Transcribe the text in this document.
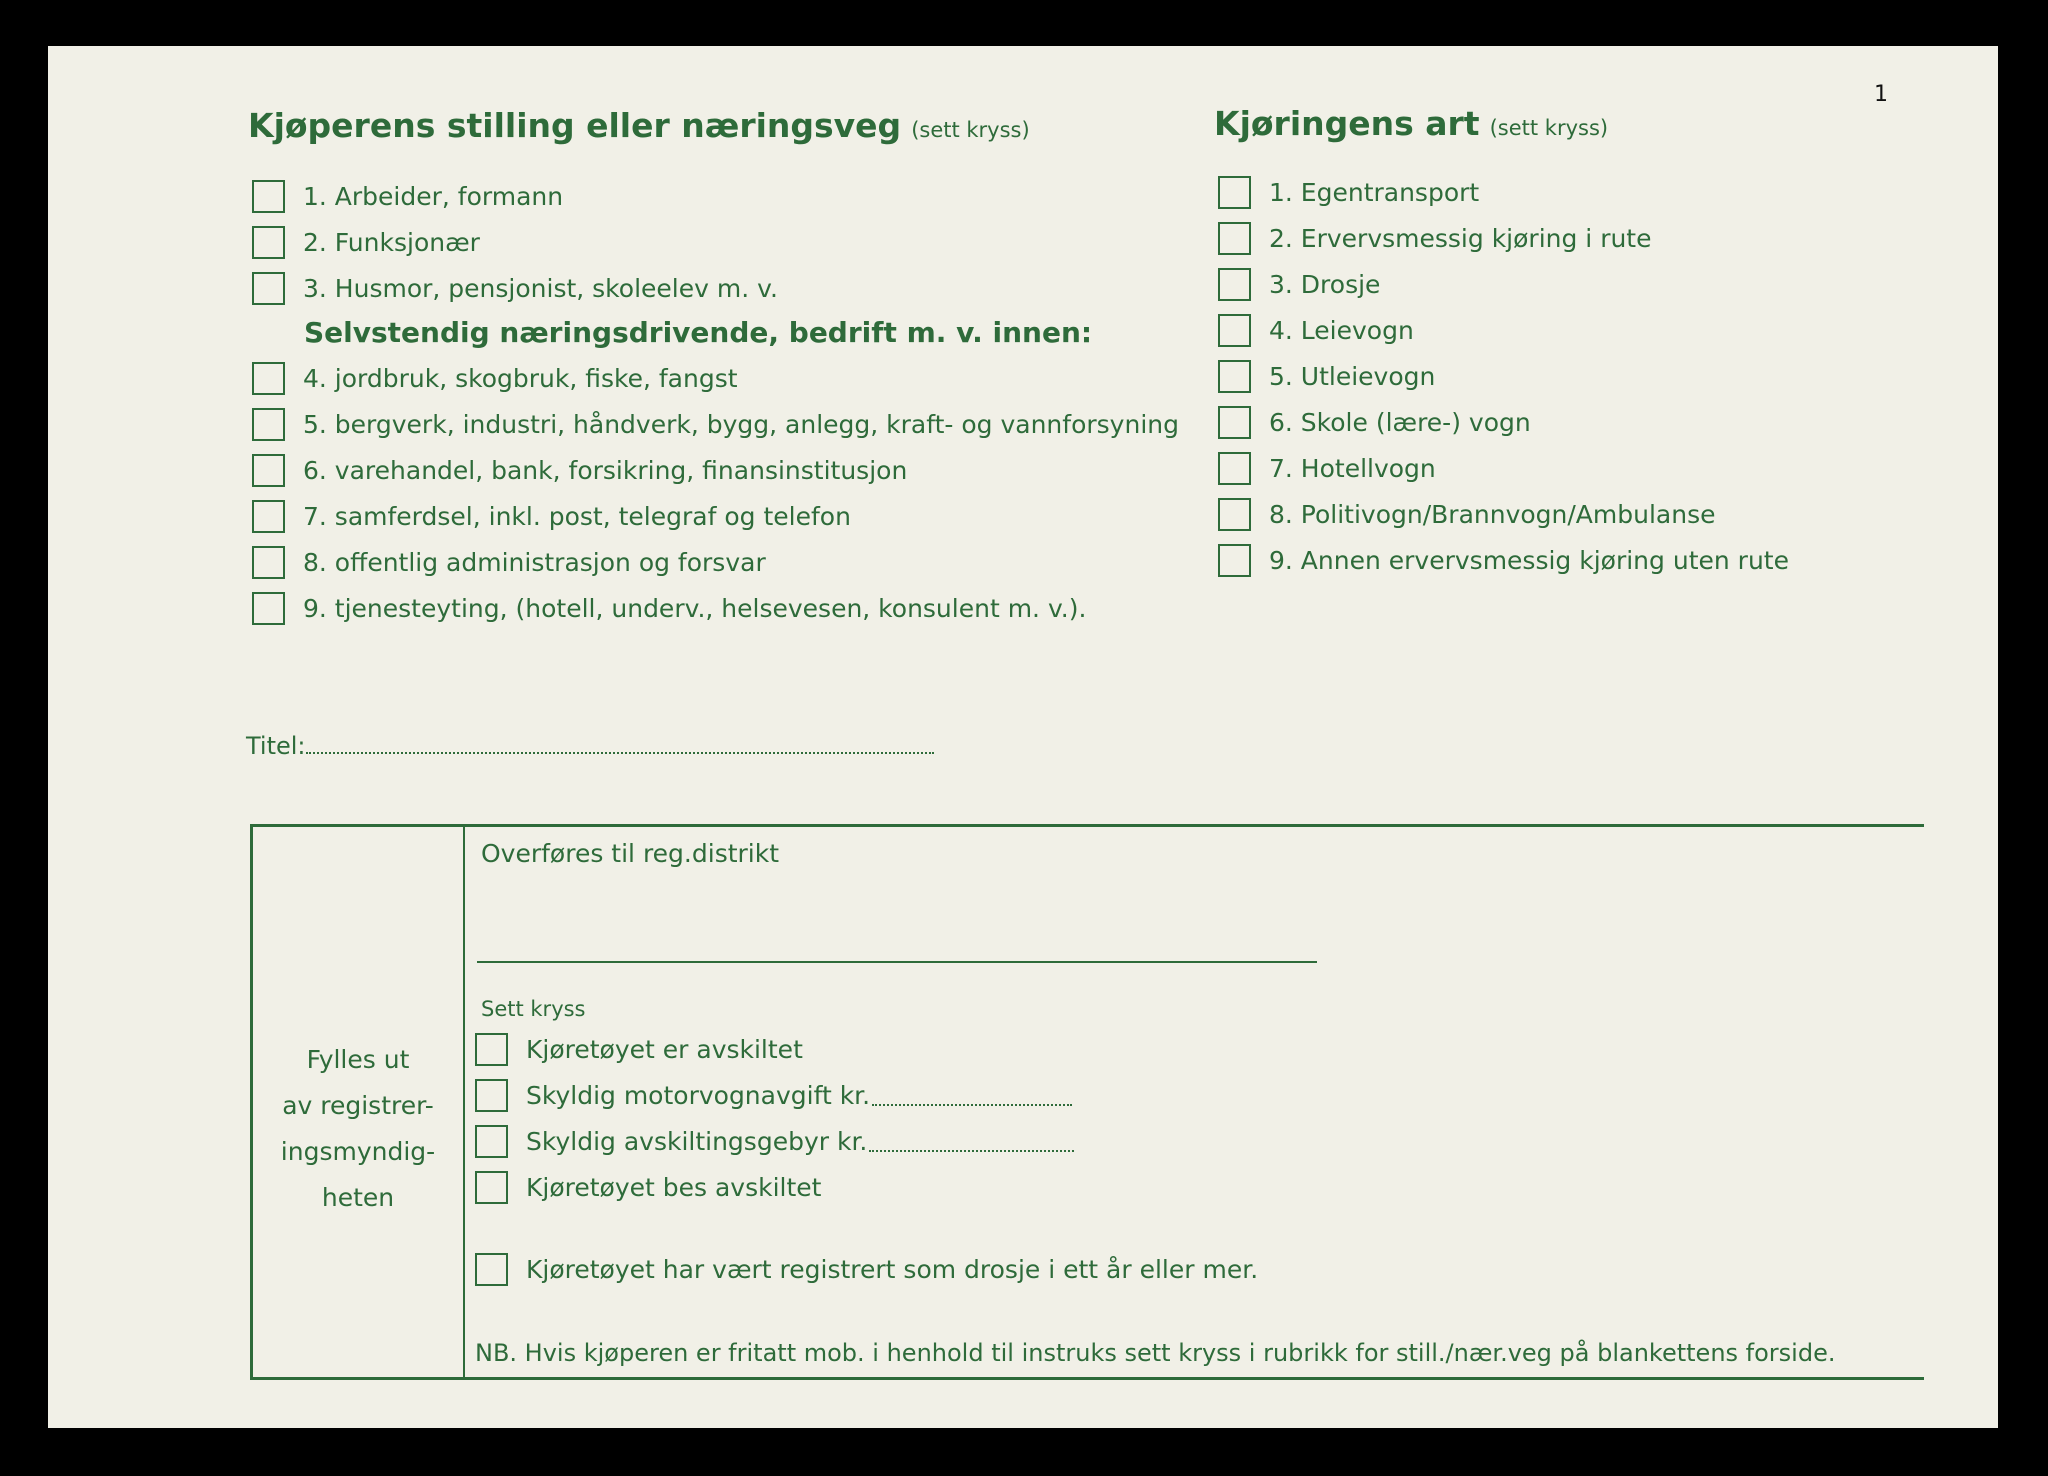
Kjøperens stilling eller næringsveg (sett kryss)
1. Arbeider, formann
2. Funksjonær
3. Husmor, pensjonist, skoleelev m. v.
Selvstendig næringsdrivende, bedrift m. v. innen:
4. jordbruk, skogbruk, fiske, fangst
5. bergverk, industri, håndverk, bygg, anlegg, kraft- og vannforsyning
6. varehandel, bank, forsikring, finansinstitusjon
7. samferdsel, inkl. post, telegraf og telefon
8. offentlig administrasjon og forsvar
9. tjenesteyting, (hotell, underv., helsevesen, konsulent m. v.).
Kjøringens art (sett kryss)
1. Egentransport
2. Ervervsmessig kjøring i rute
3. Drosje
4. Leievogn
5. Utleievogn
6. Skole (lære-) vogn
7. Hotellvogn
8. Politivogn/Brannvogn/Ambulanse
9. Annen ervervsmessig kjøring uten rute
Titel:
Fylles ut
av registrer-
ingsmyndig-
heten
Overføres til reg.distrikt
Sett kryss
Kjøretøyet er avskiltet
Skyldig motorvognavgift kr.
Skyldig avskiltingsgebyr kr.
Kjøretøyet bes avskiltet
Kjøretøyet har vært registrert som drosje i ett år eller mer.
NB. Hvis kjøperen er fritatt mob. i henhold til instruks sett kryss i rubrikk for still./nær.veg på blankettens forside.
1
